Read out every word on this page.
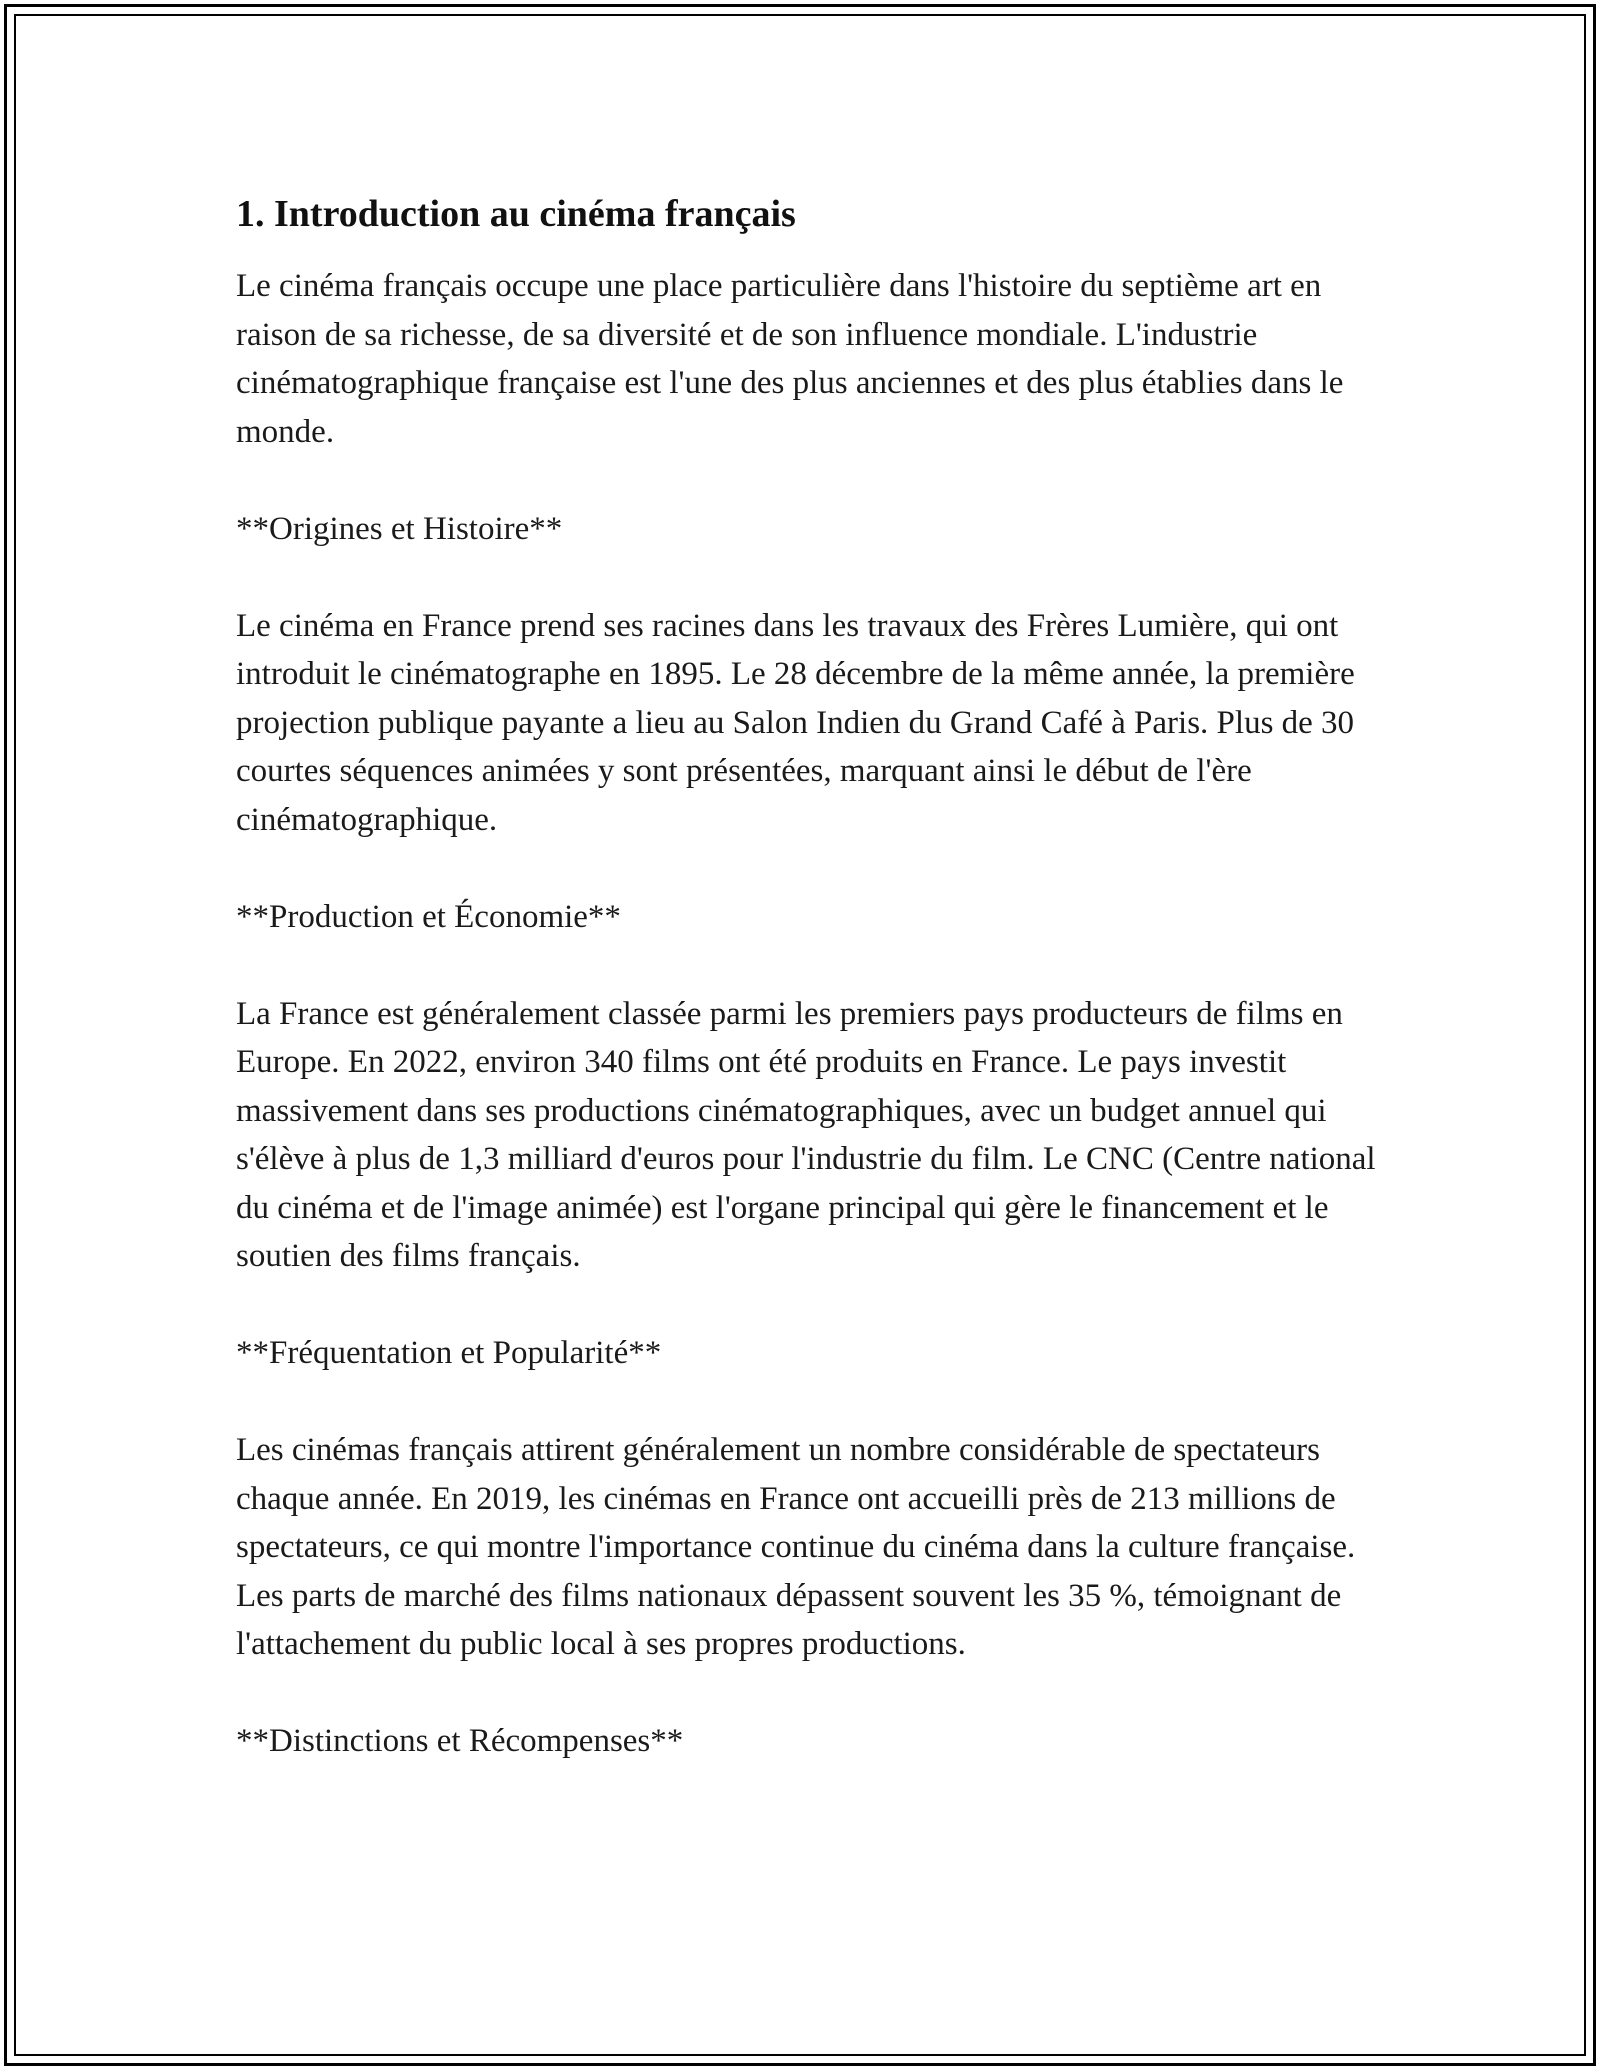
1. Introduction au cinéma français

Le cinéma français occupe une place particulière dans l'histoire du septième art en raison de sa richesse, de sa diversité et de son influence mondiale. L'industrie cinématographique française est l'une des plus anciennes et des plus établies dans le monde.

**Origines et Histoire**

Le cinéma en France prend ses racines dans les travaux des Frères Lumière, qui ont introduit le cinématographe en 1895. Le 28 décembre de la même année, la première projection publique payante a lieu au Salon Indien du Grand Café à Paris. Plus de 30 courtes séquences animées y sont présentées, marquant ainsi le début de l'ère cinématographique.

**Production et Économie**

La France est généralement classée parmi les premiers pays producteurs de films en Europe. En 2022, environ 340 films ont été produits en France. Le pays investit massivement dans ses productions cinématographiques, avec un budget annuel qui s'élève à plus de 1,3 milliard d'euros pour l'industrie du film. Le CNC (Centre national du cinéma et de l'image animée) est l'organe principal qui gère le financement et le soutien des films français.

**Fréquentation et Popularité**

Les cinémas français attirent généralement un nombre considérable de spectateurs chaque année. En 2019, les cinémas en France ont accueilli près de 213 millions de spectateurs, ce qui montre l'importance continue du cinéma dans la culture française. Les parts de marché des films nationaux dépassent souvent les 35 %, témoignant de l'attachement du public local à ses propres productions.

**Distinctions et Récompenses**
